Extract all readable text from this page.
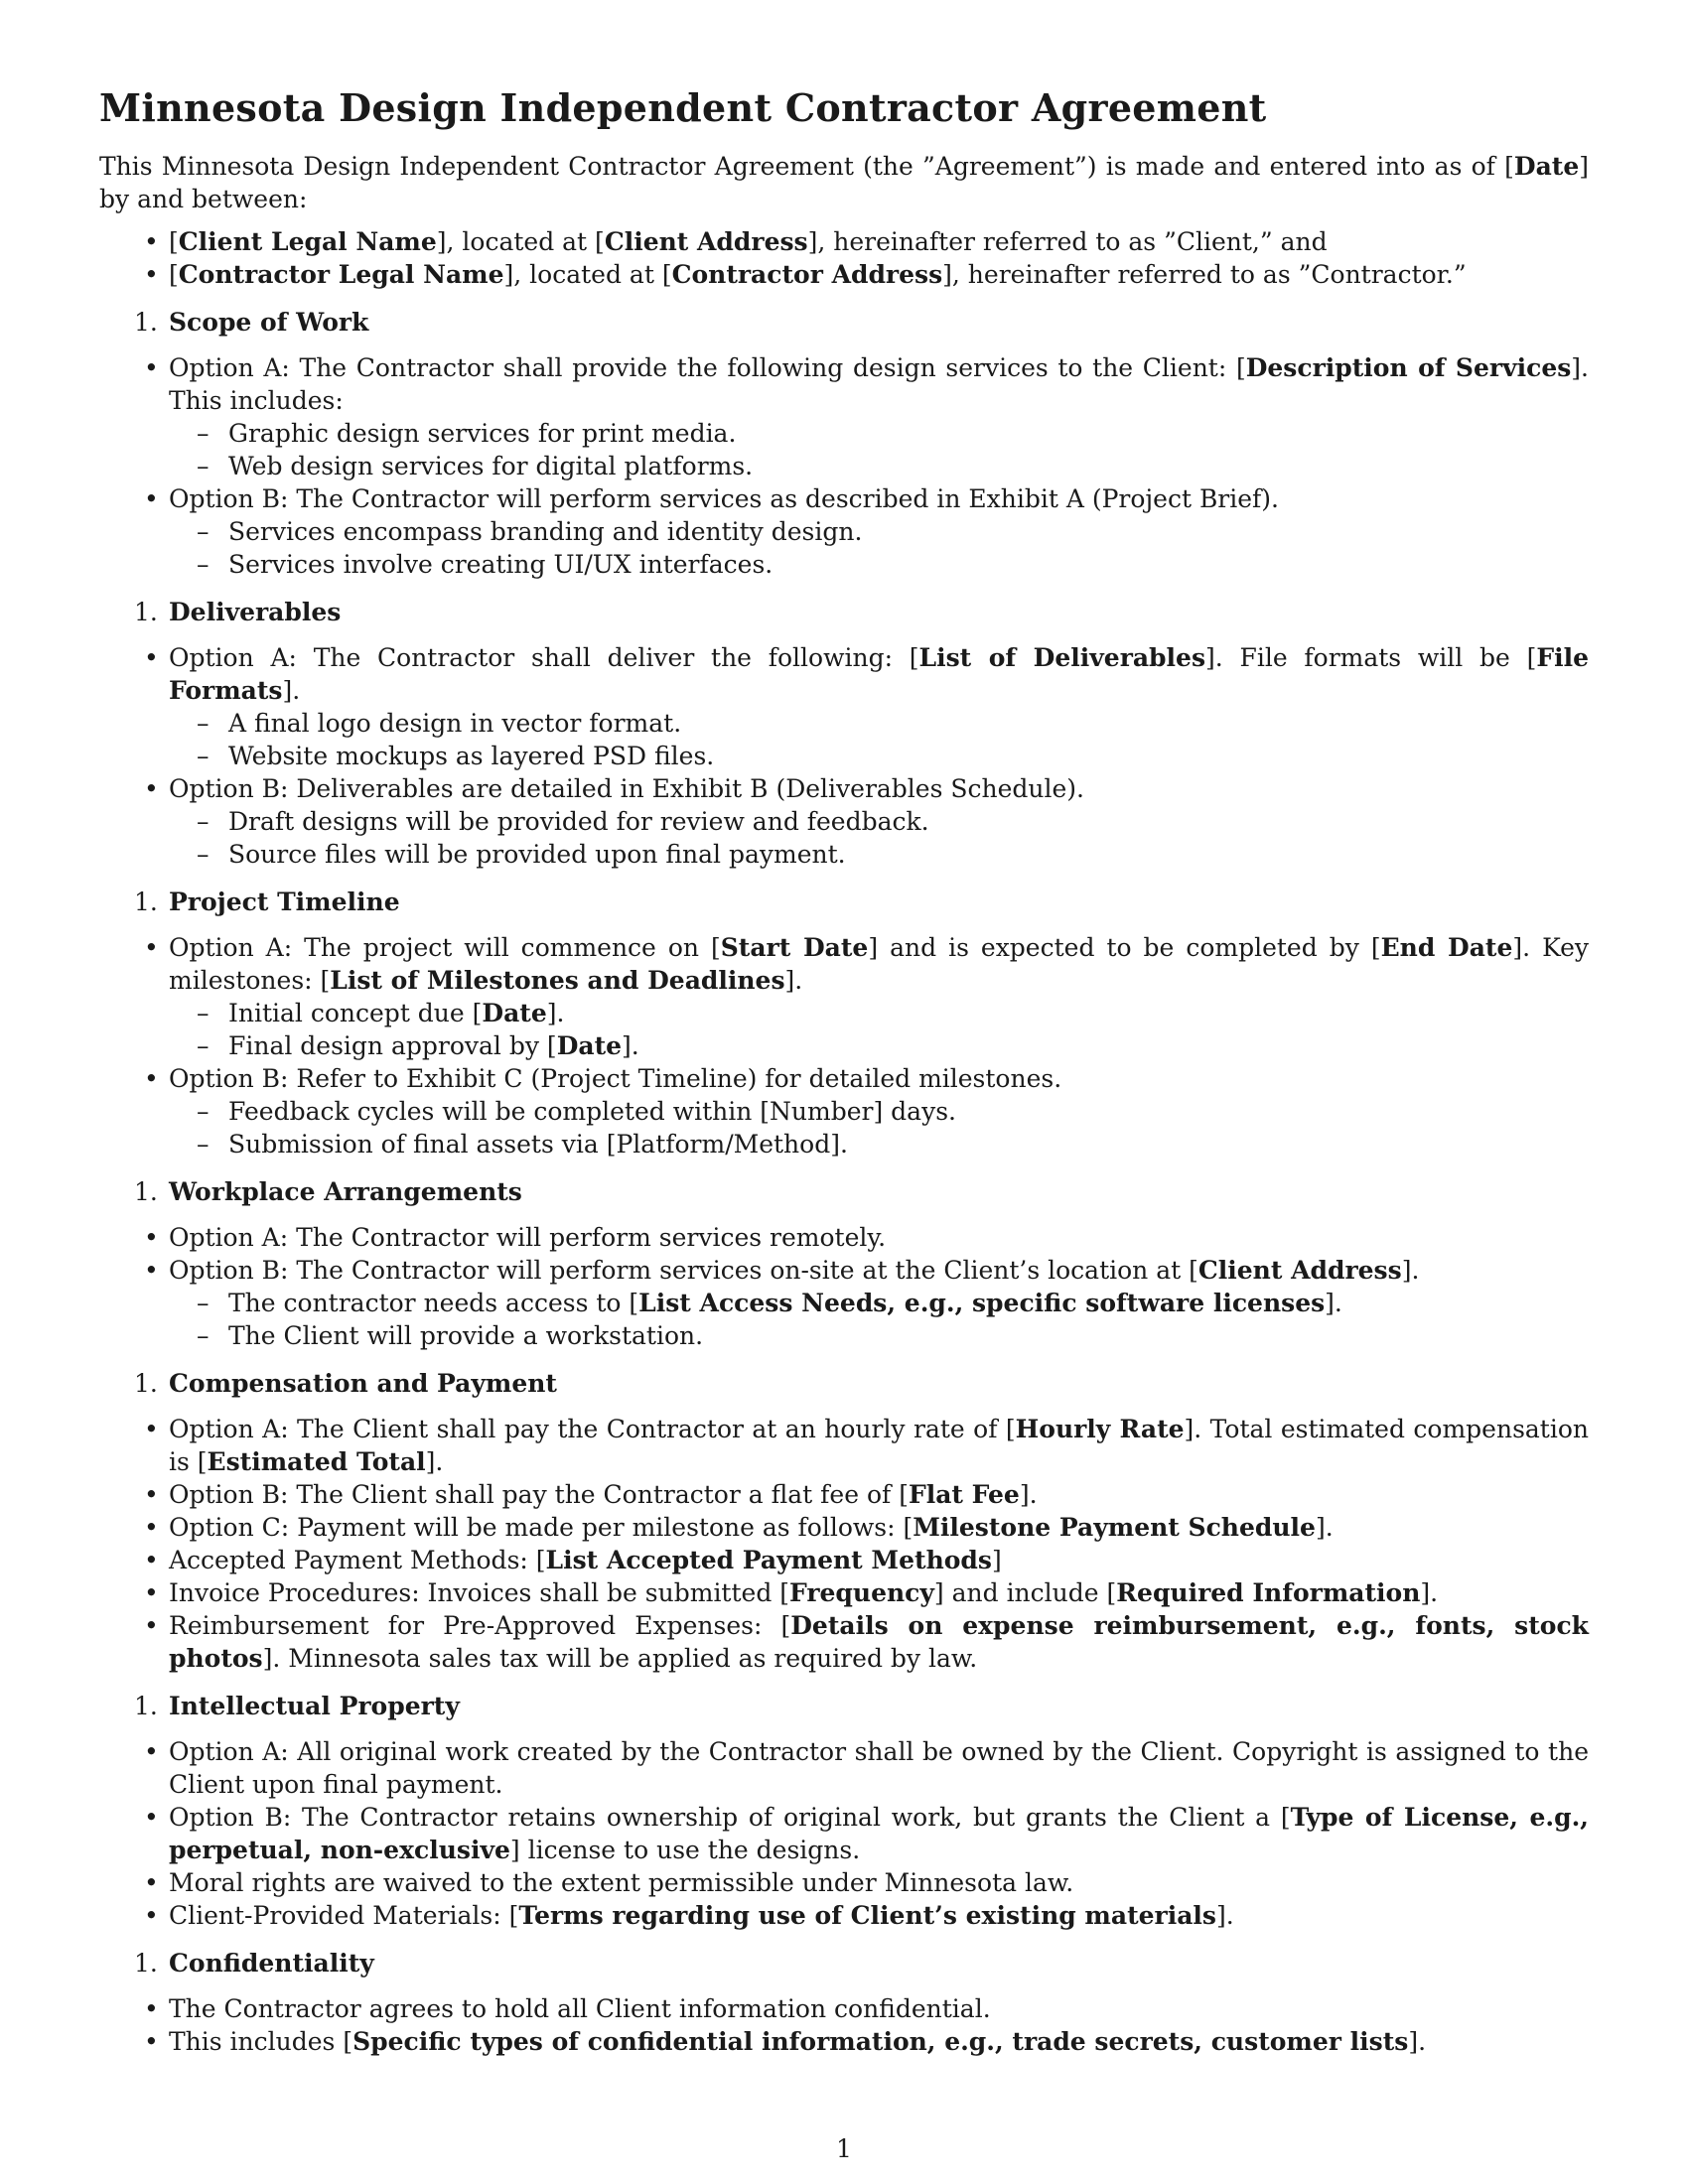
Minnesota Design Independent Contractor Agreement

This Minnesota Design Independent Contractor Agreement (the ”Agreement”) is made and entered into as of [Date] by and between:

• [Client Legal Name], located at [Client Address], hereinafter referred to as ”Client,” and
• [Contractor Legal Name], located at [Contractor Address], hereinafter referred to as ”Contractor.”
1. Scope of Work
• Option A: The Contractor shall provide the following design services to the Client: [Description of Services]. This includes:
– Graphic design services for print media.
– Web design services for digital platforms.
• Option B: The Contractor will perform services as described in Exhibit A (Project Brief).
– Services encompass branding and identity design.
– Services involve creating UI/UX interfaces.
1. Deliverables
• Option A: The Contractor shall deliver the following: [List of Deliverables]. File formats will be [File Formats].
– A final logo design in vector format.
– Website mockups as layered PSD files.
• Option B: Deliverables are detailed in Exhibit B (Deliverables Schedule).
– Draft designs will be provided for review and feedback.
– Source files will be provided upon final payment.
1. Project Timeline
• Option A: The project will commence on [Start Date] and is expected to be completed by [End Date]. Key milestones: [List of Milestones and Deadlines].
– Initial concept due [Date].
– Final design approval by [Date].
• Option B: Refer to Exhibit C (Project Timeline) for detailed milestones.
– Feedback cycles will be completed within [Number] days.
– Submission of final assets via [Platform/Method].
1. Workplace Arrangements
• Option A: The Contractor will perform services remotely.
• Option B: The Contractor will perform services on-site at the Client’s location at [Client Address].
– The contractor needs access to [List Access Needs, e.g., specific software licenses].
– The Client will provide a workstation.
1. Compensation and Payment
• Option A: The Client shall pay the Contractor at an hourly rate of [Hourly Rate]. Total estimated compensation is [Estimated Total].
• Option B: The Client shall pay the Contractor a flat fee of [Flat Fee].
• Option C: Payment will be made per milestone as follows: [Milestone Payment Schedule].
• Accepted Payment Methods: [List Accepted Payment Methods]
• Invoice Procedures: Invoices shall be submitted [Frequency] and include [Required Information].
• Reimbursement for Pre-Approved Expenses: [Details on expense reimbursement, e.g., fonts, stock photos]. Minnesota sales tax will be applied as required by law.
1. Intellectual Property
• Option A: All original work created by the Contractor shall be owned by the Client. Copyright is assigned to the Client upon final payment.
• Option B: The Contractor retains ownership of original work, but grants the Client a [Type of License, e.g., perpetual, non-exclusive] license to use the designs.
• Moral rights are waived to the extent permissible under Minnesota law.
• Client-Provided Materials: [Terms regarding use of Client’s existing materials].
1. Confidentiality
• The Contractor agrees to hold all Client information confidential.
• This includes [Specific types of confidential information, e.g., trade secrets, customer lists].
1
